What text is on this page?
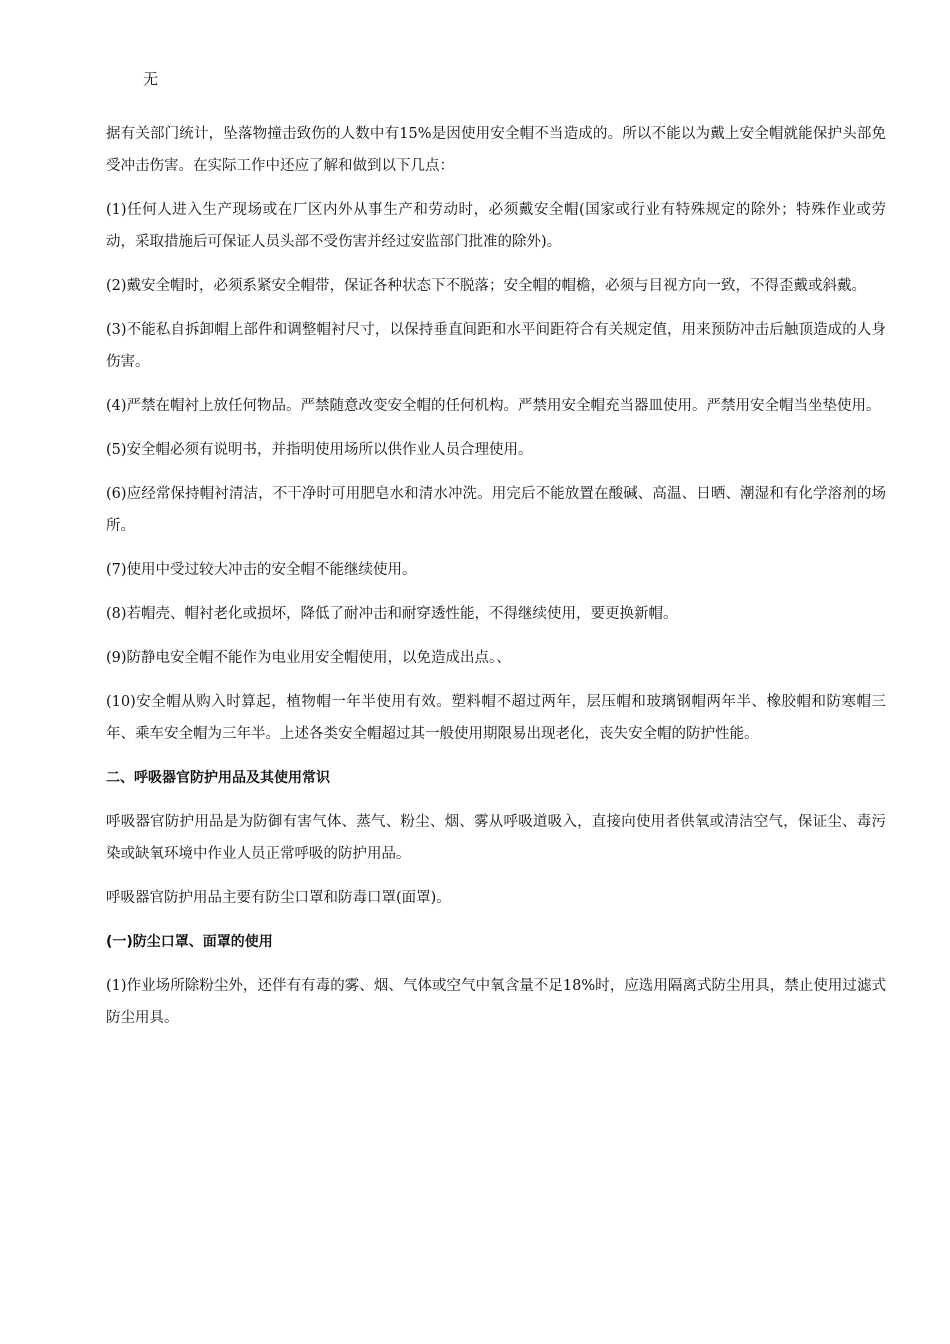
无

据有关部门统计，坠落物撞击致伤的人数中有15%是因使用安全帽不当造成的。所以不能以为戴上安全帽就能保护头部免受冲击伤害。在实际工作中还应了解和做到以下几点：

(1)任何人进入生产现场或在厂区内外从事生产和劳动时，必须戴安全帽(国家或行业有特殊规定的除外；特殊作业或劳动，采取措施后可保证人员头部不受伤害并经过安监部门批准的除外)。

(2)戴安全帽时，必须系紧安全帽带，保证各种状态下不脱落；安全帽的帽檐，必须与目视方向一致，不得歪戴或斜戴。

(3)不能私自拆卸帽上部件和调整帽衬尺寸，以保持垂直间距和水平间距符合有关规定值，用来预防冲击后触顶造成的人身伤害。

(4)严禁在帽衬上放任何物品。严禁随意改变安全帽的任何机构。严禁用安全帽充当器皿使用。严禁用安全帽当坐垫使用。

(5)安全帽必须有说明书，并指明使用场所以供作业人员合理使用。

(6)应经常保持帽衬清洁，不干净时可用肥皂水和清水冲洗。用完后不能放置在酸碱、高温、日晒、潮湿和有化学溶剂的场所。

(7)使用中受过较大冲击的安全帽不能继续使用。

(8)若帽壳、帽衬老化或损坏，降低了耐冲击和耐穿透性能，不得继续使用，要更换新帽。

(9)防静电安全帽不能作为电业用安全帽使用，以免造成出点。、

(10)安全帽从购入时算起，植物帽一年半使用有效。塑料帽不超过两年，层压帽和玻璃钢帽两年半、橡胶帽和防寒帽三年、乘车安全帽为三年半。上述各类安全帽超过其一般使用期限易出现老化，丧失安全帽的防护性能。

二、呼吸器官防护用品及其使用常识

呼吸器官防护用品是为防御有害气体、蒸气、粉尘、烟、雾从呼吸道吸入，直接向使用者供氧或清洁空气，保证尘、毒污染或缺氧环境中作业人员正常呼吸的防护用品。

呼吸器官防护用品主要有防尘口罩和防毒口罩(面罩)。

(一)防尘口罩、面罩的使用

(1)作业场所除粉尘外，还伴有有毒的雾、烟、气体或空气中氧含量不足18%时，应选用隔离式防尘用具，禁止使用过滤式防尘用具。
